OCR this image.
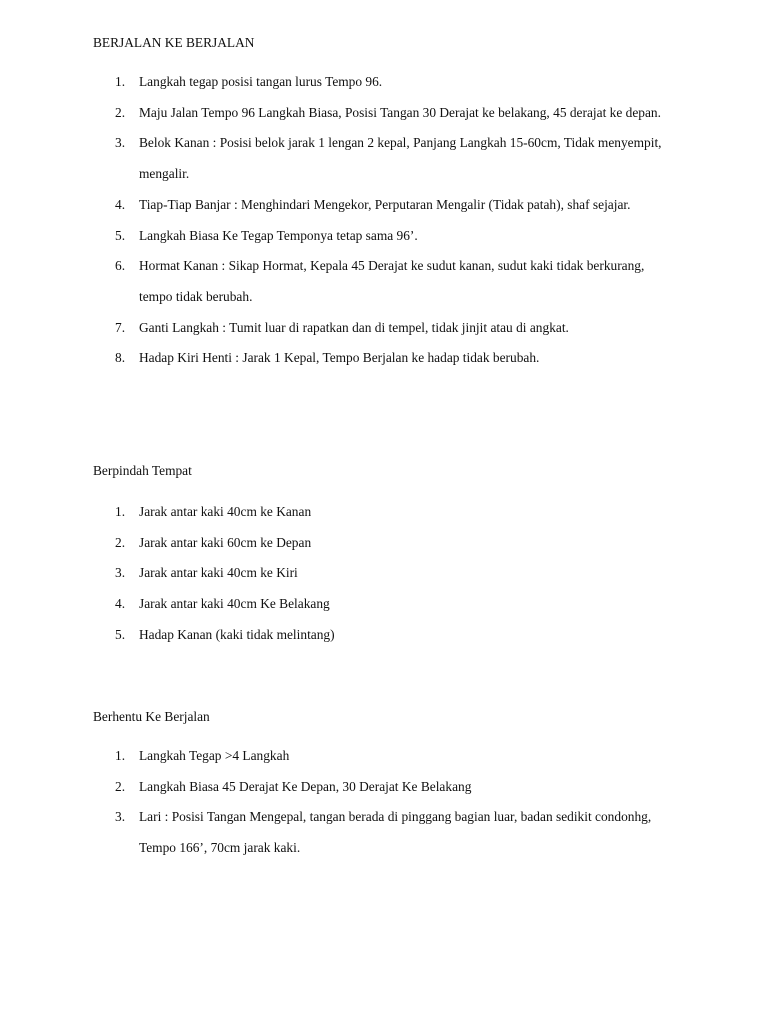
BERJALAN KE BERJALAN
1.	Langkah tegap posisi tangan lurus Tempo 96.
2.	Maju Jalan Tempo 96 Langkah Biasa, Posisi Tangan 30 Derajat ke belakang, 45 derajat ke depan.
3.	Belok Kanan : Posisi belok jarak 1 lengan 2 kepal, Panjang Langkah 15-60cm, Tidak menyempit, mengalir.
4.	Tiap-Tiap Banjar : Menghindari Mengekor, Perputaran Mengalir (Tidak patah), shaf sejajar.
5.	Langkah Biasa Ke Tegap Temponya tetap sama 96’.
6.	Hormat Kanan : Sikap Hormat, Kepala 45 Derajat ke sudut kanan, sudut kaki tidak berkurang, tempo tidak berubah.
7.	Ganti Langkah : Tumit luar di rapatkan dan di tempel, tidak jinjit atau di angkat.
8.	Hadap Kiri Henti : Jarak 1 Kepal, Tempo Berjalan ke hadap tidak berubah.
Berpindah Tempat
1.	Jarak antar kaki 40cm ke Kanan
2.	Jarak antar kaki 60cm ke Depan
3.	Jarak antar kaki 40cm ke Kiri
4.	Jarak antar kaki 40cm Ke Belakang
5.	Hadap Kanan (kaki tidak melintang)
Berhentu Ke Berjalan
1.	Langkah Tegap >4 Langkah
2.	Langkah Biasa 45 Derajat Ke Depan, 30 Derajat Ke Belakang
3.	Lari : Posisi Tangan Mengepal, tangan berada di pinggang bagian luar, badan sedikit condonhg, Tempo 166’, 70cm jarak kaki.
